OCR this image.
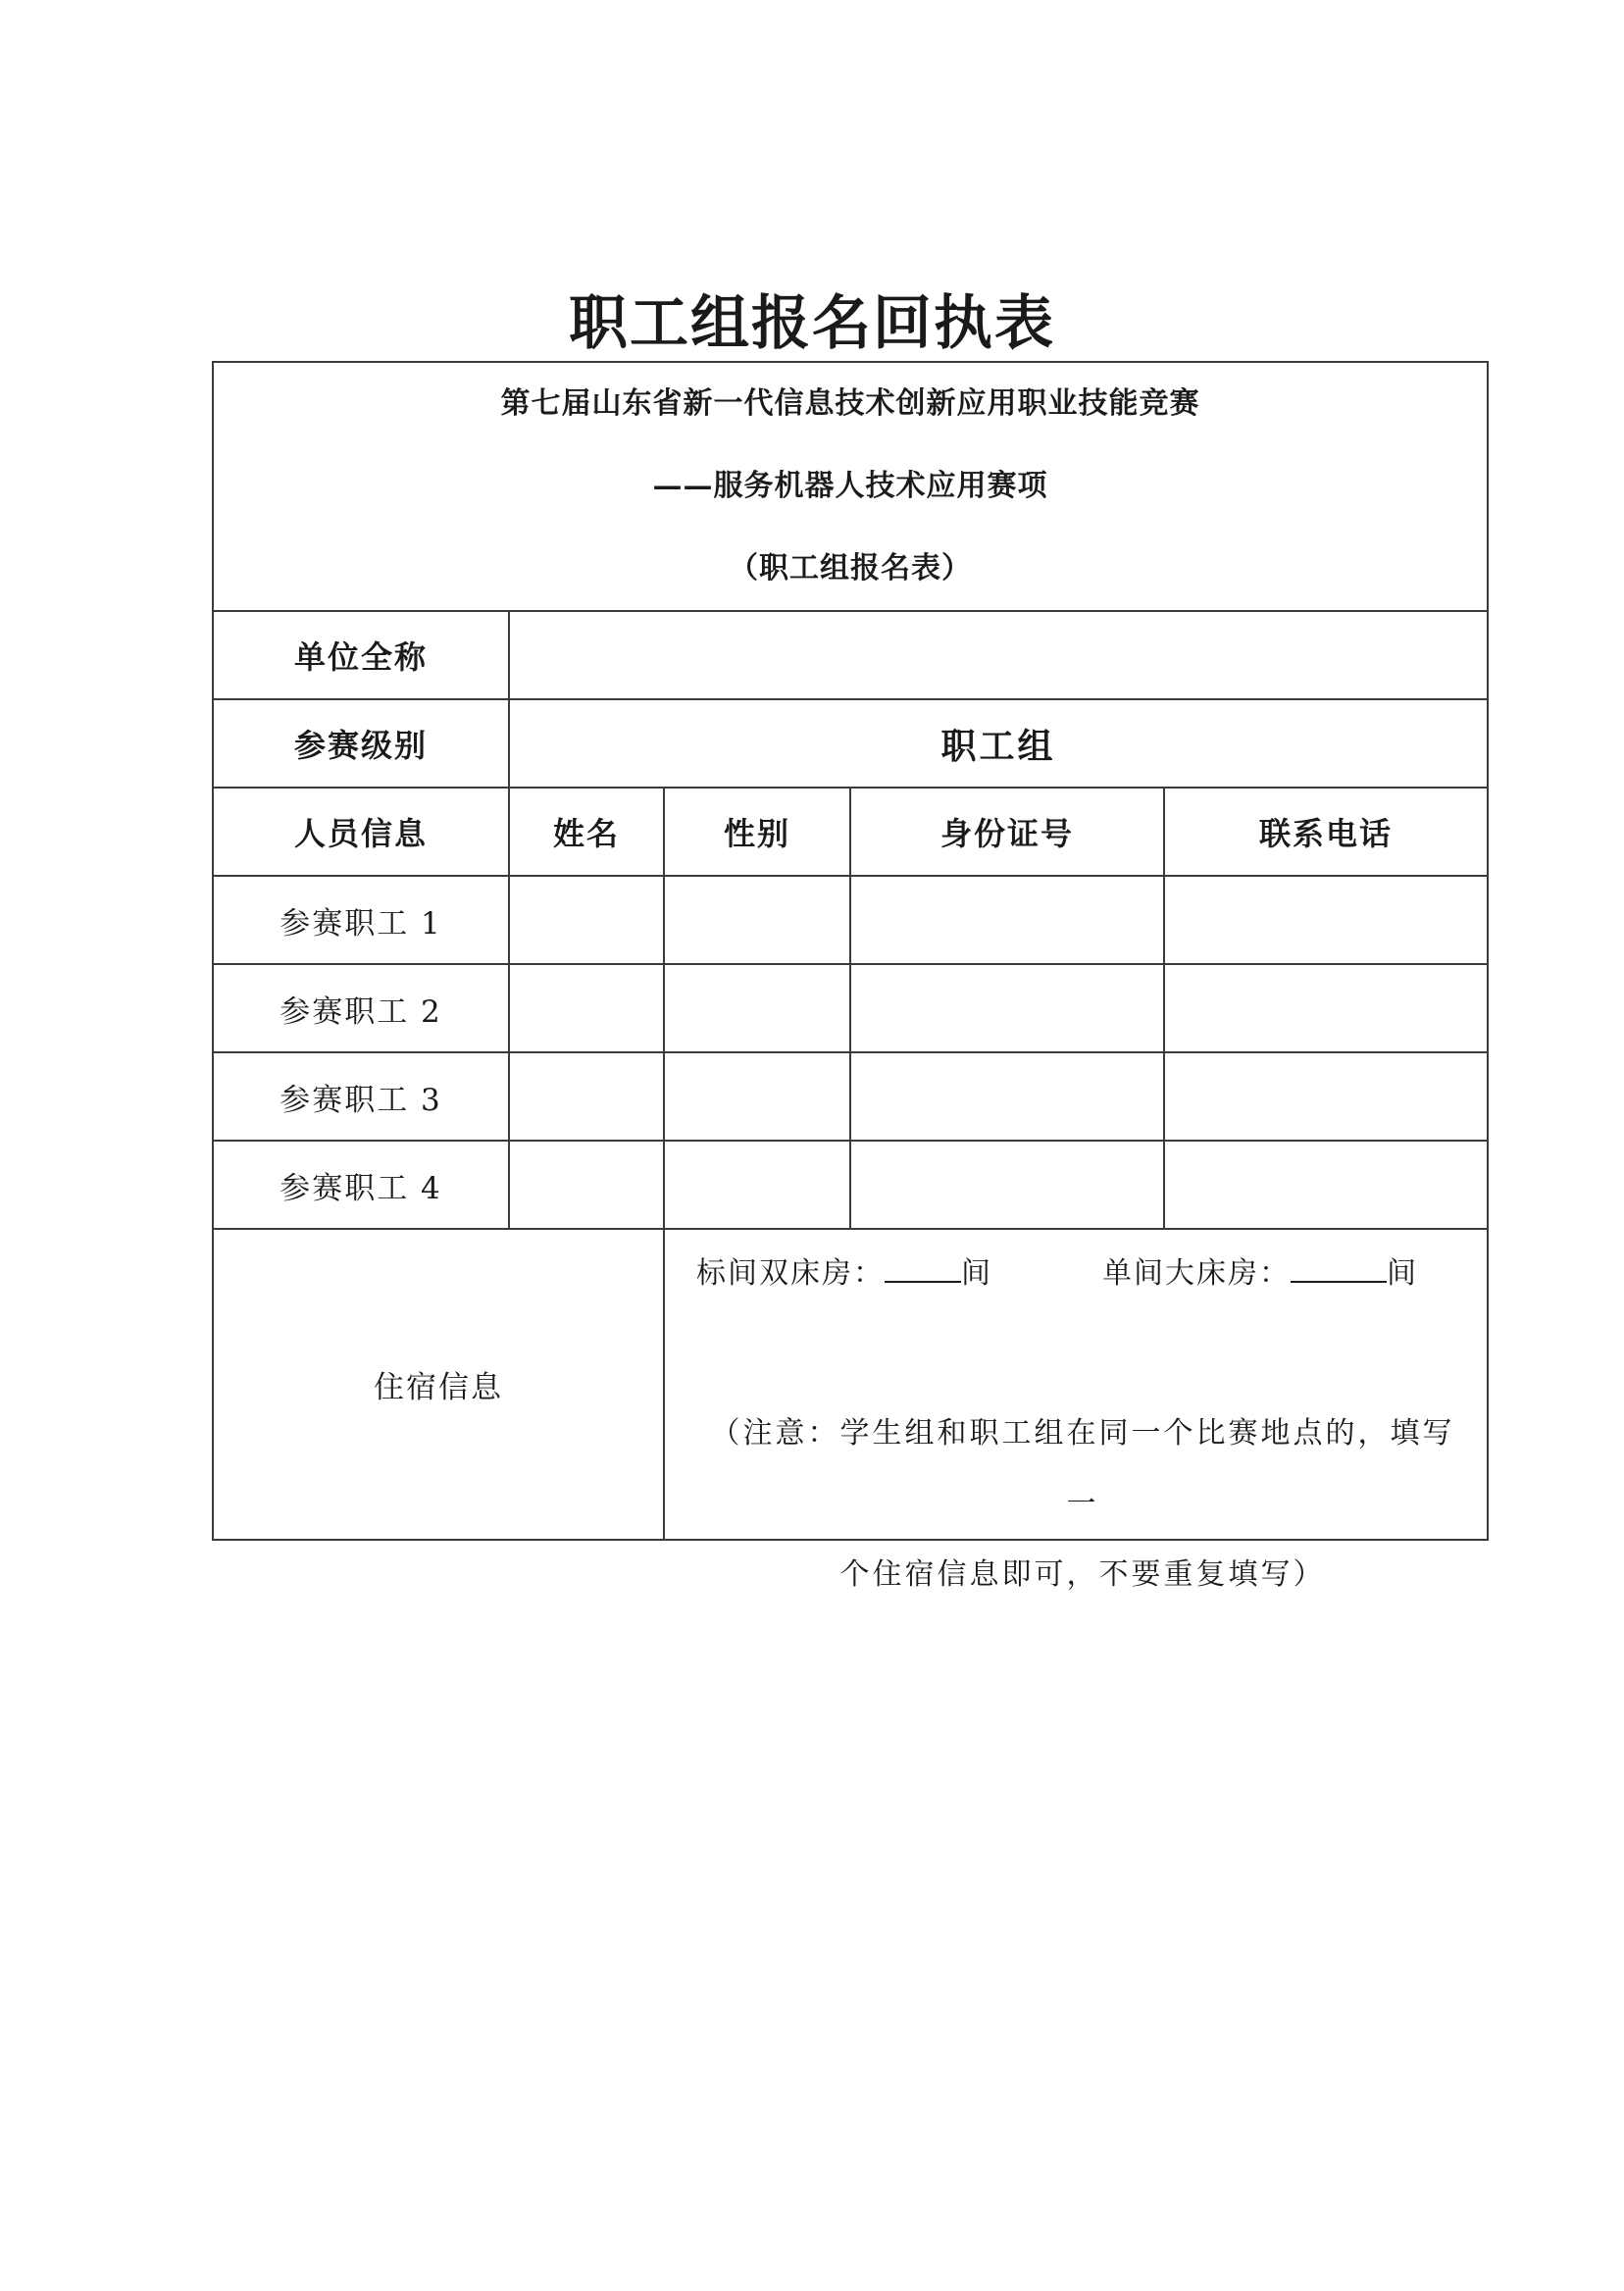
职工组报名回执表
第七届山东省新一代信息技术创新应用职业技能竞赛
——服务机器人技术应用赛项
（职工组报名表）				

单位全称				
参赛级别	职工组			
人员信息	姓名	性别	身份证号	联系电话
参赛职工 1				
参赛职工 2				
参赛职工 3				
参赛职工 4				
住宿信息		标间双床房： 间 单间大床房： 间
（注意：学生组和职工组在同一个比赛地点的，填写一
个住宿信息即可，不要重复填写）		
